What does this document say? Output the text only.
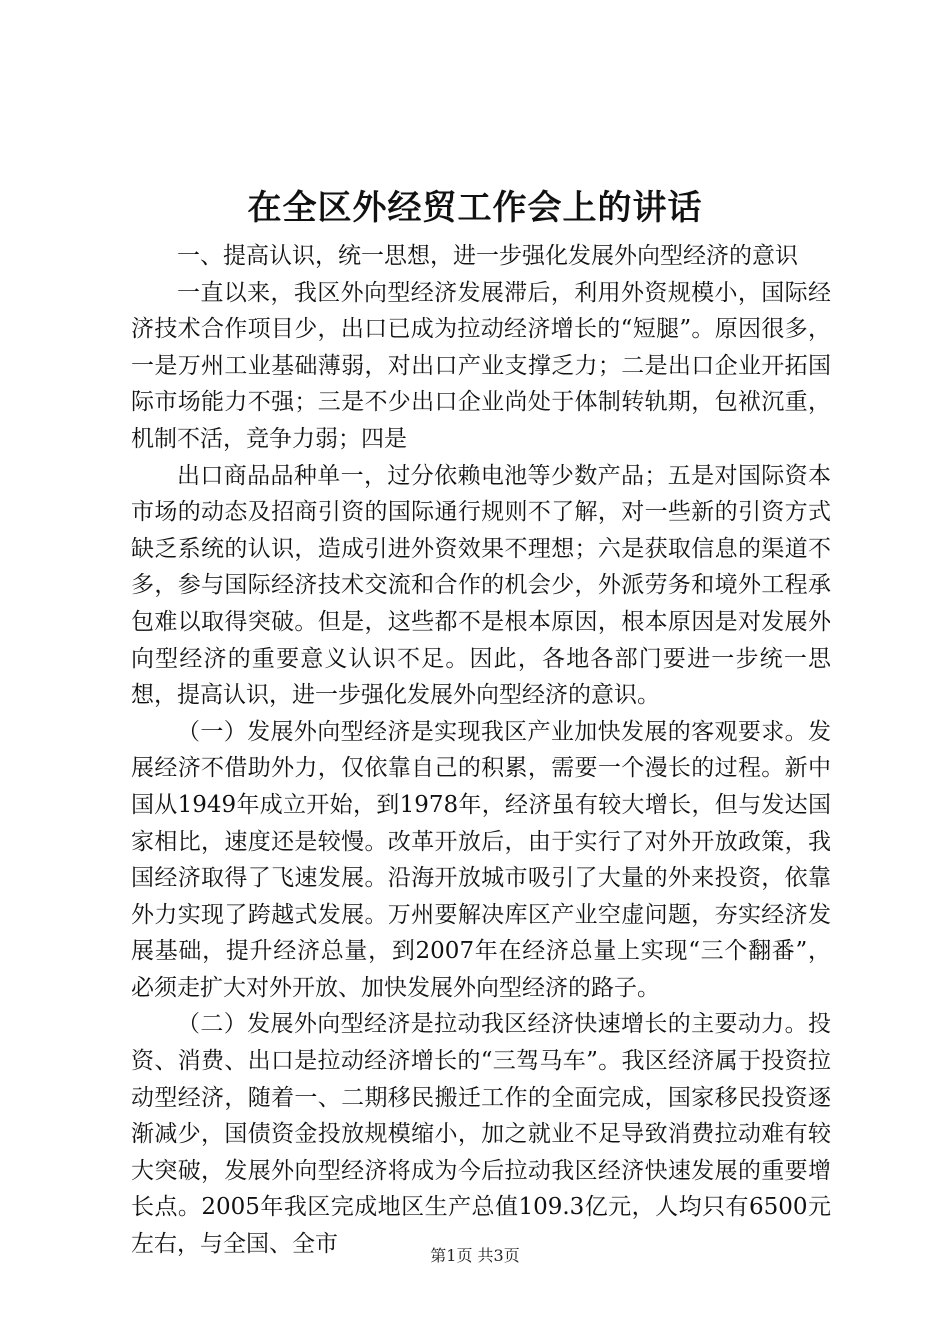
在全区外经贸工作会上的讲话

一、提高认识，统一思想，进一步强化发展外向型经济的意识

一直以来，我区外向型经济发展滞后，利用外资规模小，国际经济技术合作项目少，出口已成为拉动经济增长的“短腿”。原因很多，一是万州工业基础薄弱，对出口产业支撑乏力；二是出口企业开拓国际市场能力不强；三是不少出口企业尚处于体制转轨期，包袱沉重，机制不活，竞争力弱；四是

出口商品品种单一，过分依赖电池等少数产品；五是对国际资本市场的动态及招商引资的国际通行规则不了解，对一些新的引资方式缺乏系统的认识，造成引进外资效果不理想；六是获取信息的渠道不多，参与国际经济技术交流和合作的机会少，外派劳务和境外工程承包难以取得突破。但是，这些都不是根本原因，根本原因是对发展外向型经济的重要意义认识不足。因此，各地各部门要进一步统一思想，提高认识，进一步强化发展外向型经济的意识。

（一）发展外向型经济是实现我区产业加快发展的客观要求。发展经济不借助外力，仅依靠自己的积累，需要一个漫长的过程。新中国从1949年成立开始，到1978年，经济虽有较大增长，但与发达国家相比，速度还是较慢。改革开放后，由于实行了对外开放政策，我国经济取得了飞速发展。沿海开放城市吸引了大量的外来投资，依靠外力实现了跨越式发展。万州要解决库区产业空虚问题，夯实经济发展基础，提升经济总量，到2007年在经济总量上实现“三个翻番”，必须走扩大对外开放、加快发展外向型经济的路子。

（二）发展外向型经济是拉动我区经济快速增长的主要动力。投资、消费、出口是拉动经济增长的“三驾马车”。我区经济属于投资拉动型经济，随着一、二期移民搬迁工作的全面完成，国家移民投资逐渐减少，国债资金投放规模缩小，加之就业不足导致消费拉动难有较大突破，发展外向型经济将成为今后拉动我区经济快速发展的重要增长点。2005年我区完成地区生产总值109.3亿元，人均只有6500元左右，与全国、全市	第1页 共3页
